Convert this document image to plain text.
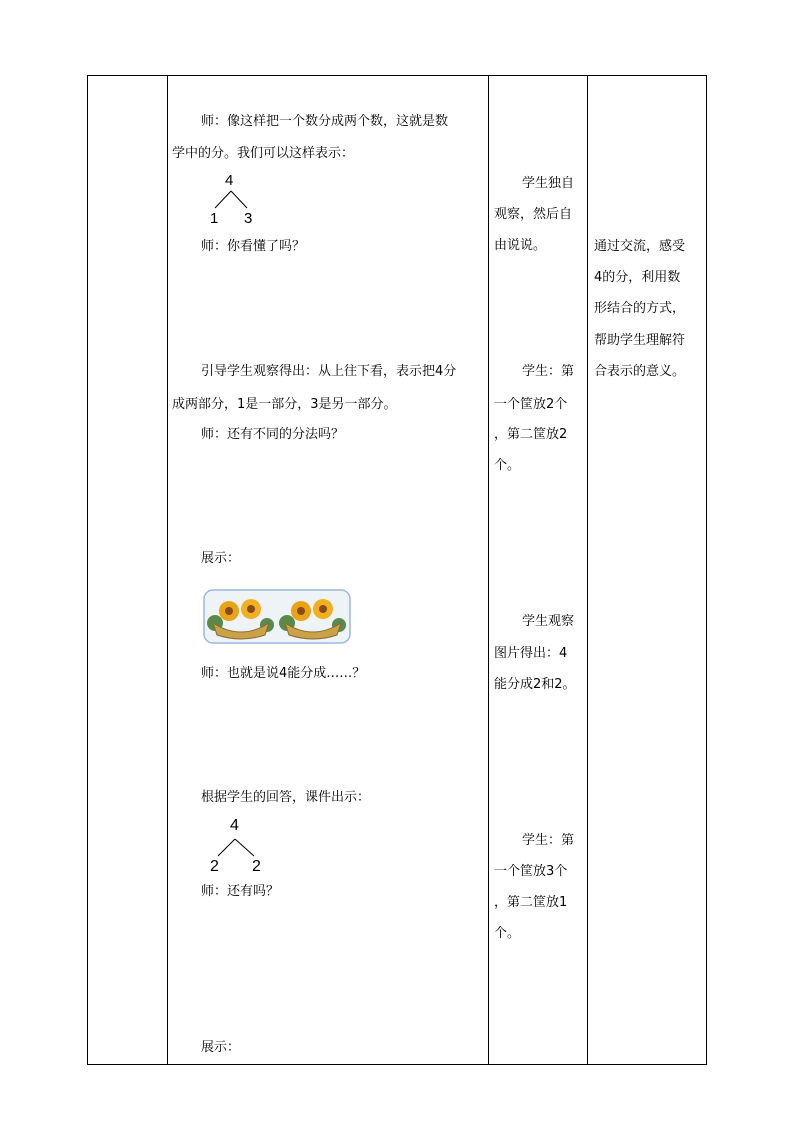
师：像这样把一个数分成两个数，这就是数
学中的分。我们可以这样表示：
4
1 3
师：你看懂了吗？
引导学生观察得出：从上往下看，表示把4分
成两部分，1是一部分，3是另一部分。
师：还有不同的分法吗？
展示：
师：也就是说4能分成……？
根据学生的回答，课件出示：
4
2 2
师：还有吗？
展示：
学生独自
观察，然后自
由说说。
学生：第
一个筐放2个
，第二筐放2
个。
学生观察
图片得出：4
能分成2和2。
学生：第
一个筐放3个
，第二筐放1
个。
通过交流，感受
4的分，利用数
形结合的方式，
帮助学生理解符
合表示的意义。
